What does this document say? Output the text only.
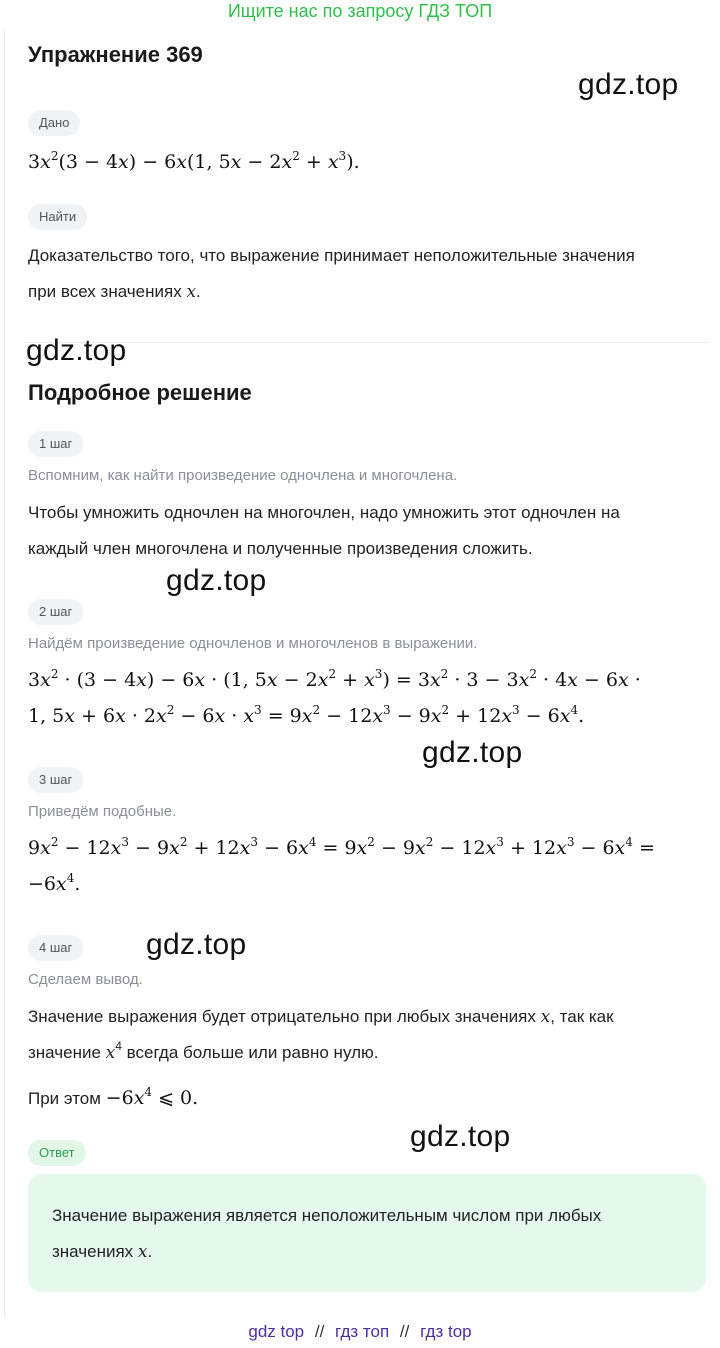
Ищите нас по запросу ГДЗ ТОП
Упражнение 369
Дано
$3x^2(3 - 4x) - 6x(1$, $5x - 2x^2 + x^3$).
Найти
Доказательство того, что выражение принимает неположительные значения
при всех значениях x.
Подробное решение
1 шаг
Вспомним, как найти произведение одночлена и многочлена.
Чтобы умножить одночлен на многочлен, надо умножить этот одночлен на
каждый член многочлена и полученные произведения сложить.
2 шаг
Найдём произведение одночленов и многочленов в выражении.
$3x^2 \cdot (3 - 4x) - 6x \cdot (1$, $5x - 2x^2 + x^3) = 3x^2 \cdot 3 - 3x^2 \cdot 4x - 6x$ ·
1, $5x + 6x \cdot 2x^2 - 6x \cdot x^3 = 9x^2 - 12x^3 - 9x^2 + 12x^3 - 6x^4$.
3 шаг
Приведём подобные.
$9x^2 - 12x^3 - 9x^2 + 12x^3 - 6x^4 = 9x^2 - 9x^2 - 12x^3 + 12x^3 - 6x^4$ =
$-6x^4$.
4 шаг
Сделаем вывод.
Значение выражения будет отрицательно при любых значениях x, так как
значение $x^4$ всегда больше или равно нулю.
При этом $-6x^4$ ⩽ 0.
Ответ
Значение выражения является неположительным числом при любых
значениях x.
gdz.top
gdz.top
gdz.top
gdz.top
gdz.top
gdz.top
gdz top // гдз топ // гдз top
